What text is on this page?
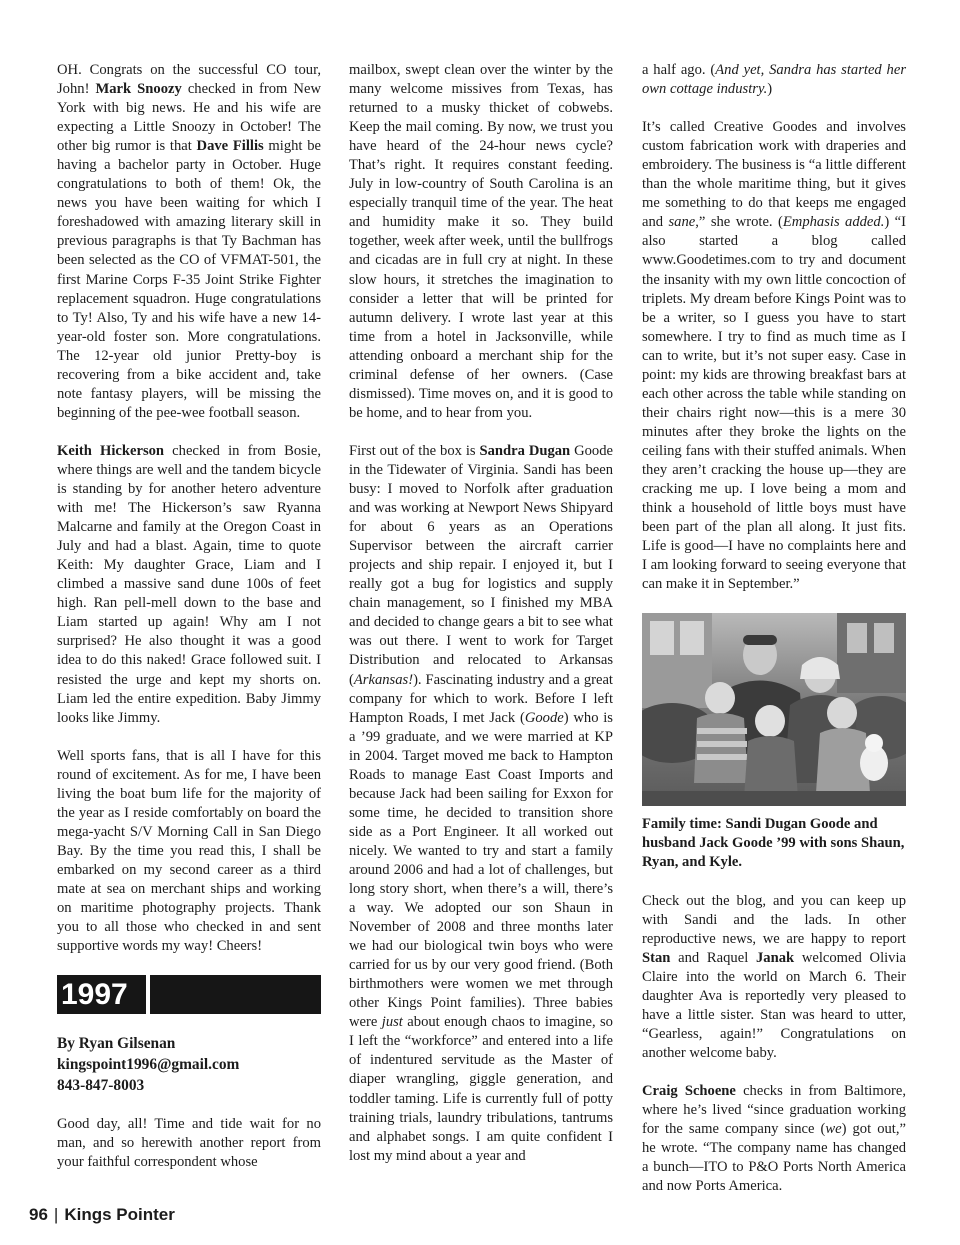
OH. Congrats on the successful CO tour, John! Mark Snoozy checked in from New York with big news. He and his wife are expecting a Little Snoozy in October! The other big rumor is that Dave Fillis might be having a bachelor party in October. Huge congratulations to both of them! Ok, the news you have been waiting for which I foreshadowed with amazing literary skill in previous paragraphs is that Ty Bachman has been selected as the CO of VFMAT-501, the first Marine Corps F-35 Joint Strike Fighter replacement squadron. Huge congratulations to Ty! Also, Ty and his wife have a new 14-year-old foster son. More congratulations. The 12-year old junior Pretty-boy is recovering from a bike accident and, take note fantasy players, will be missing the beginning of the pee-wee football season.

Keith Hickerson checked in from Bosie, where things are well and the tandem bicycle is standing by for another hetero adventure with me! The Hickerson’s saw Ryanna Malcarne and family at the Oregon Coast in July and had a blast. Again, time to quote Keith: My daughter Grace, Liam and I climbed a massive sand dune 100s of feet high. Ran pell-mell down to the base and Liam started up again! Why am I not surprised? He also thought it was a good idea to do this naked! Grace followed suit. I resisted the urge and kept my shorts on. Liam led the entire expedition. Baby Jimmy looks like Jimmy.

Well sports fans, that is all I have for this round of excitement. As for me, I have been living the boat bum life for the majority of the year as I reside comfortably on board the mega-yacht S/V Morning Call in San Diego Bay. By the time you read this, I shall be embarked on my second career as a third mate at sea on merchant ships and working on maritime photography projects. Thank you to all those who checked in and sent supportive words my way! Cheers!

1997
By Ryan Gilsenan
kingspoint1996@gmail.com
843-847-8003

Good day, all! Time and tide wait for no man, and so herewith another report from your faithful correspondent whose

mailbox, swept clean over the winter by the many welcome missives from Texas, has returned to a musky thicket of cobwebs. Keep the mail coming. By now, we trust you have heard of the 24-hour news cycle? That’s right. It requires constant feeding. July in low-country of South Carolina is an especially tranquil time of the year. The heat and humidity make it so. They build together, week after week, until the bullfrogs and cicadas are in full cry at night. In these slow hours, it stretches the imagination to consider a letter that will be printed for autumn delivery. I wrote last year at this time from a hotel in Jacksonville, while attending onboard a merchant ship for the criminal defense of her owners. (Case dismissed). Time moves on, and it is good to be home, and to hear from you.

First out of the box is Sandra Dugan Goode in the Tidewater of Virginia. Sandi has been busy: I moved to Norfolk after graduation and was working at Newport News Shipyard for about 6 years as an Operations Supervisor between the aircraft carrier projects and ship repair. I enjoyed it, but I really got a bug for logistics and supply chain management, so I finished my MBA and decided to change gears a bit to see what was out there. I went to work for Target Distribution and relocated to Arkansas (Arkansas!). Fascinating industry and a great company for which to work. Before I left Hampton Roads, I met Jack (Goode) who is a ’99 graduate, and we were married at KP in 2004. Target moved me back to Hampton Roads to manage East Coast Imports and because Jack had been sailing for Exxon for some time, he decided to transition shore side as a Port Engineer. It all worked out nicely. We wanted to try and start a family around 2006 and had a lot of challenges, but long story short, when there’s a will, there’s a way. We adopted our son Shaun in November of 2008 and three months later we had our biological twin boys who were carried for us by our very good friend. (Both birthmothers were women we met through other Kings Point families). Three babies were just about enough chaos to imagine, so I left the “workforce” and entered into a life of indentured servitude as the Master of diaper wrangling, giggle generation, and toddler taming. Life is currently full of potty training trials, laundry tribulations, tantrums and alphabet songs. I am quite confident I lost my mind about a year and

a half ago. (And yet, Sandra has started her own cottage industry.)

It’s called Creative Goodes and involves custom fabrication work with draperies and embroidery. The business is “a little different than the whole maritime thing, but it gives me something to do that keeps me engaged and sane,” she wrote. (Emphasis added.) “I also started a blog called www.Goodetimes.com to try and document the insanity with my own little concoction of triplets. My dream before Kings Point was to be a writer, so I guess you have to start somewhere. I try to find as much time as I can to write, but it’s not super easy. Case in point: my kids are throwing breakfast bars at each other across the table while standing on their chairs right now—this is a mere 30 minutes after they broke the lights on the ceiling fans with their stuffed animals. When they aren’t cracking the house up—they are cracking me up. I love being a mom and think a household of little boys must have been part of the plan all along. It just fits. Life is good—I have no complaints here and I am looking forward to seeing everyone that can make it in September.”

Family time: Sandi Dugan Goode and husband Jack Goode ’99 with sons Shaun, Ryan, and Kyle.

Check out the blog, and you can keep up with Sandi and the lads. In other reproductive news, we are happy to report Stan and Raquel Janak welcomed Olivia Claire into the world on March 6. Their daughter Ava is reportedly very pleased to have a little sister. Stan was heard to utter, “Gearless, again!” Congratulations on another welcome baby.

Craig Schoene checks in from Baltimore, where he’s lived “since graduation working for the same company since (we) got out,” he wrote. “The company name has changed a bunch—ITO to P&O Ports North America and now Ports America.

96 | Kings Pointer
